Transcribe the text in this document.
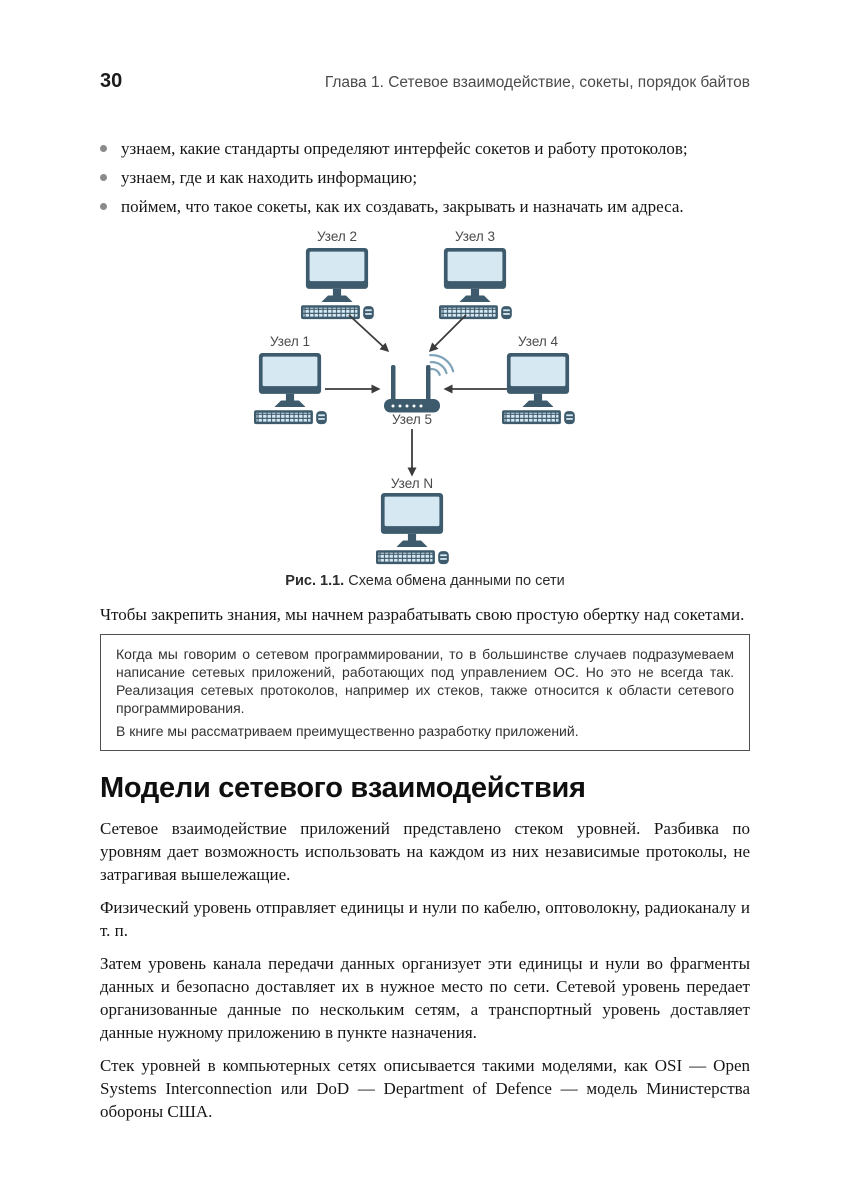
30	Глава 1. Сетевое взаимодействие, сокеты, порядок байтов
узнаем, какие стандарты определяют интерфейс сокетов и работу протоколов;
узнаем, где и как находить информацию;
поймем, что такое сокеты, как их создавать, закрывать и назначать им адреса.
Узел 2	Узел 3
Узел 1	Узел 4
Узел 5
Узел N
Рис. 1.1. Схема обмена данными по сети

Чтобы закрепить знания, мы начнем разрабатывать свою простую обертку над сокетами.

Когда мы говорим о сетевом программировании, то в большинстве случаев подразумеваем написание сетевых приложений, работающих под управлением ОС. Но это не всегда так. Реализация сетевых протоколов, например их стеков, также относится к области сетевого программирования.

В книге мы рассматриваем преимущественно разработку приложений.

Модели сетевого взаимодействия

Сетевое взаимодействие приложений представлено стеком уровней. Разбивка по уровням дает возможность использовать на каждом из них независимые протоколы, не затрагивая вышележащие.

Физический уровень отправляет единицы и нули по кабелю, оптоволокну, радиоканалу и т. п.

Затем уровень канала передачи данных организует эти единицы и нули во фрагменты данных и безопасно доставляет их в нужное место по сети. Сетевой уровень передает организованные данные по нескольким сетям, а транспортный уровень доставляет данные нужному приложению в пункте назначения.

Стек уровней в компьютерных сетях описывается такими моделями, как OSI — Open Systems Interconnection или DoD — Department of Defence — модель Министерства обороны США.
